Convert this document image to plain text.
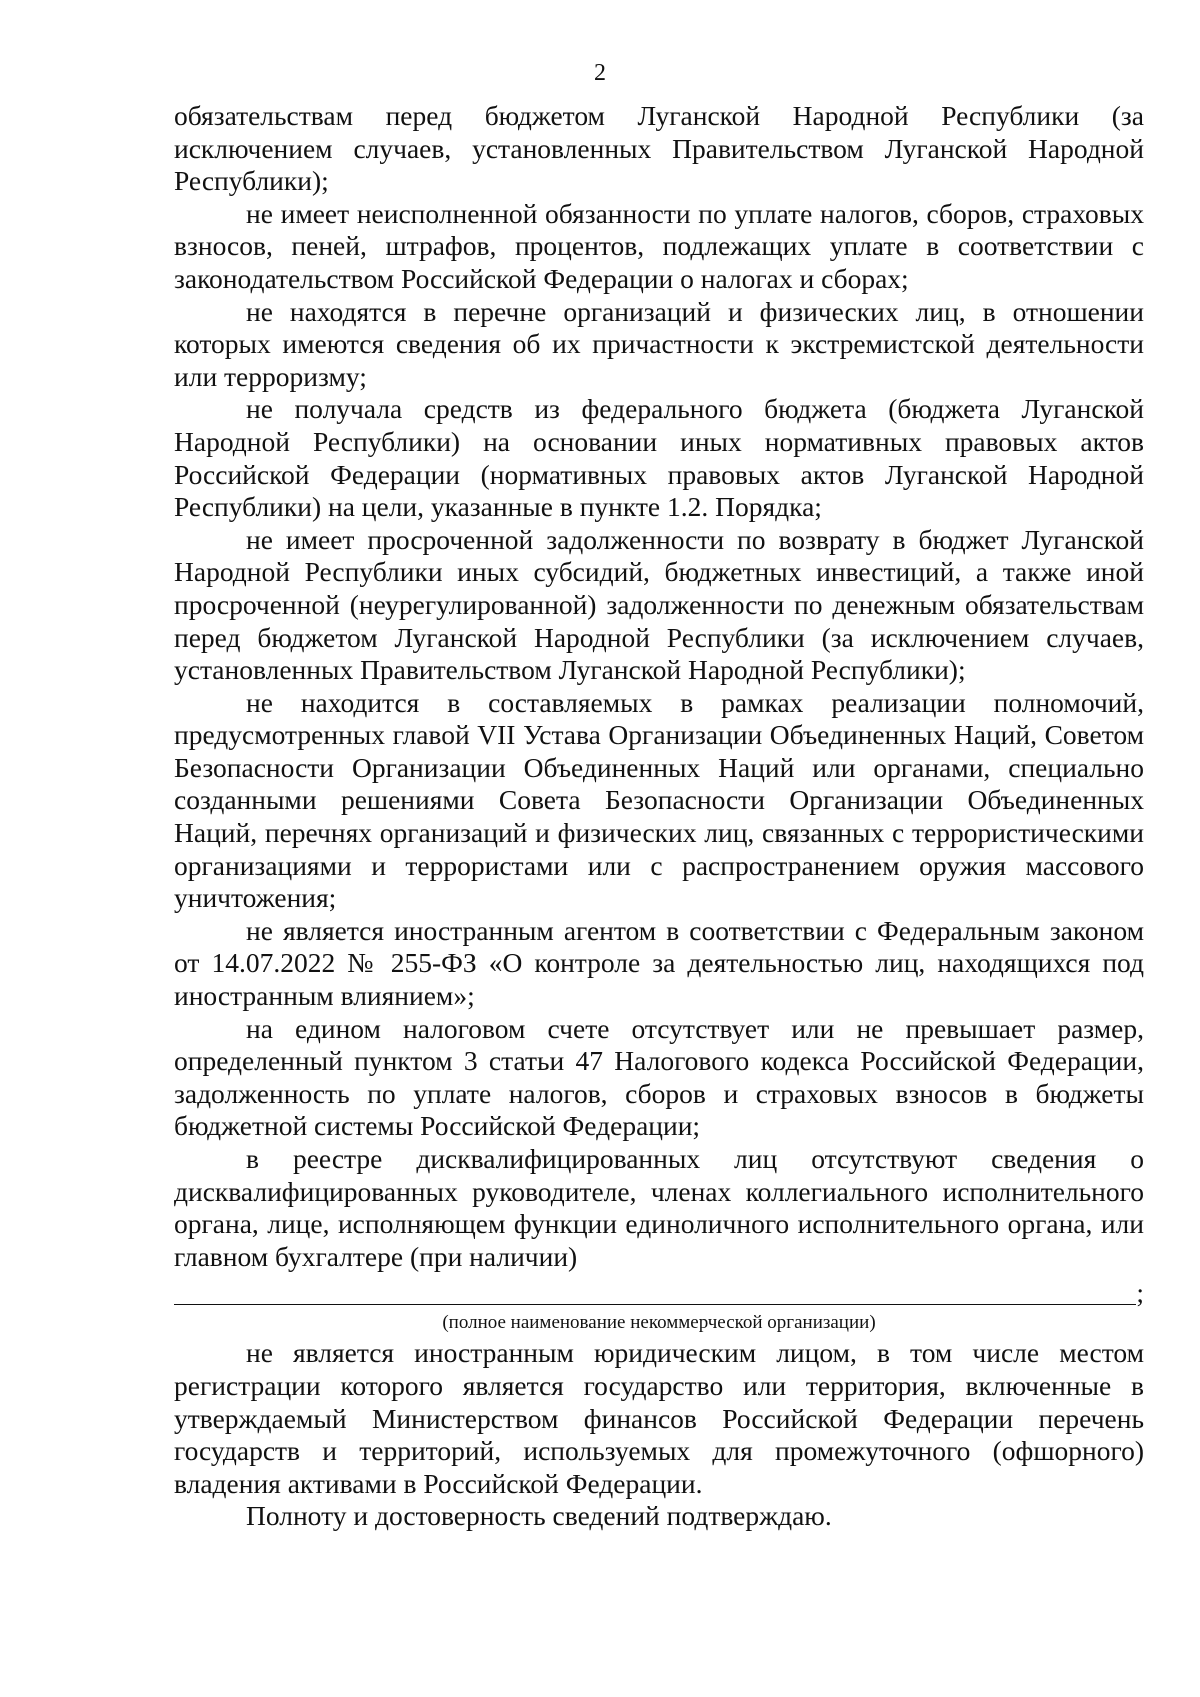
2

обязательствам перед бюджетом Луганской Народной Республики (за исключением случаев, установленных Правительством Луганской Народной Республики);

не имеет неисполненной обязанности по уплате налогов, сборов, страховых взносов, пеней, штрафов, процентов, подлежащих уплате в соответствии с законодательством Российской Федерации о налогах и сборах;

не находятся в перечне организаций и физических лиц, в отношении которых имеются сведения об их причастности к экстремистской деятельности или терроризму;

не получала средств из федерального бюджета (бюджета Луганской Народной Республики) на основании иных нормативных правовых актов Российской Федерации (нормативных правовых актов Луганской Народной Республики) на цели, указанные в пункте 1.2. Порядка;

не имеет просроченной задолженности по возврату в бюджет Луганской Народной Республики иных субсидий, бюджетных инвестиций, а также иной просроченной (неурегулированной) задолженности по денежным обязательствам перед бюджетом Луганской Народной Республики (за исключением случаев, установленных Правительством Луганской Народной Республики);

не находится в составляемых в рамках реализации полномочий, предусмотренных главой VII Устава Организации Объединенных Наций, Советом Безопасности Организации Объединенных Наций или органами, специально созданными решениями Совета Безопасности Организации Объединенных Наций, перечнях организаций и физических лиц, связанных с террористическими организациями и террористами или с распространением оружия массового уничтожения;

не является иностранным агентом в соответствии с Федеральным законом от 14.07.2022 № 255-ФЗ «О контроле за деятельностью лиц, находящихся под иностранным влиянием»;

на едином налоговом счете отсутствует или не превышает размер, определенный пунктом 3 статьи 47 Налогового кодекса Российской Федерации, задолженность по уплате налогов, сборов и страховых взносов в бюджеты бюджетной системы Российской Федерации;

в реестре дисквалифицированных лиц отсутствуют сведения о дисквалифицированных руководителе, членах коллегиального исполнительного органа, лице, исполняющем функции единоличного исполнительного органа, или главном бухгалтере (при наличии)

;
(полное наименование некоммерческой организации)

не является иностранным юридическим лицом, в том числе местом регистрации которого является государство или территория, включенные в утверждаемый Министерством финансов Российской Федерации перечень государств и территорий, используемых для промежуточного (офшорного) владения активами в Российской Федерации.

Полноту и достоверность сведений подтверждаю.
